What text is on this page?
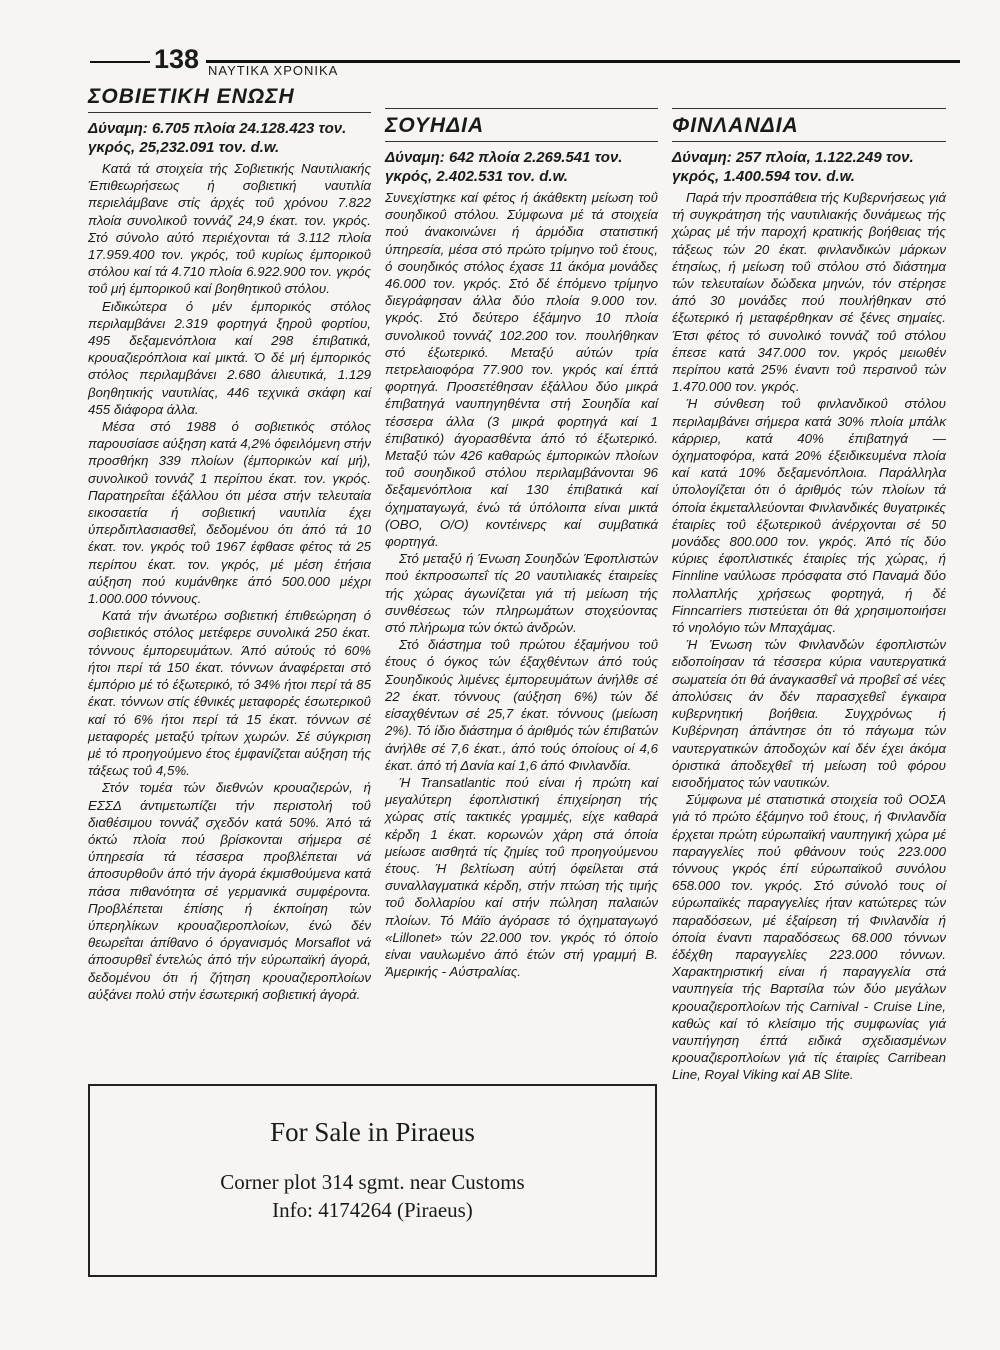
138 ΝΑΥΤΙΚΑ ΧΡΟΝΙΚΑ
ΣΟΒΙΕΤΙΚΗ ΕΝΩΣΗ
Δύναμη: 6.705 πλοία 24.128.423 τον. γκρός, 25,232.091 τον. d.w.

Κατά τά στοιχεία τής Σοβιετικής Ναυτιλιακής Έπιθεωρήσεως ή σοβιετική ναυτιλία περιελάμβανε στίς άρχές τοΰ χρόνου 7.822 πλοία συνολικοΰ τοννάζ 24,9 έκατ. τον. γκρός. Στό σύνολο αύτό περιέχονται τά 3.112 πλοία 17.959.400 τον. γκρός, τοΰ κυρίως έμπορικοΰ στόλου καί τά 4.710 πλοία 6.922.900 τον. γκρός τοΰ μή έμπορικοΰ καί βοηθητικοΰ στόλου.

Ειδικώτερα ό μέν έμπορικός στόλος περιλαμβάνει 2.319 φορτηγά ξηροΰ φορτίου, 495 δεξαμενόπλοια καί 298 έπιβατικά, κρουαζιερόπλοια καί μικτά. Ό δέ μή έμπορικός στόλος περιλαμβάνει 2.680 άλιευτικά, 1.129 βοηθητικής ναυτιλίας, 446 τεχνικά σκάφη καί 455 διάφορα άλλα.

Μέσα στό 1988 ό σοβιετικός στόλος παρουσίασε αύξηση κατά 4,2% όφειλόμενη στήν προσθήκη 339 πλοίων (έμπορικών καί μή), συνολικοΰ τοννάζ 1 περίπου έκατ. τον. γκρός. Παρατηρεΐται έξάλλου ότι μέσα στήν τελευταία εικοσαετία ή σοβιετική ναυτιλία έχει ύπερδιπλασιασθεΐ, δεδομένου ότι άπό τά 10 έκατ. τον. γκρός τοΰ 1967 έφθασε φέτος τά 25 περίπου έκατ. τον. γκρός, μέ μέση έτήσια αύξηση πού κυμάνθηκε άπό 500.000 μέχρι 1.000.000 τόννους.

Κατά τήν άνωτέρω σοβιετική έπιθεώρηση ό σοβιετικός στόλος μετέφερε συνολικά 250 έκατ. τόννους έμπορευμάτων. Άπό αύτούς τό 60% ήτοι περί τά 150 έκατ. τόννων άναφέρεται στό έμπόριο μέ τό έξωτερικό, τό 34% ήτοι περί τά 85 έκατ. τόννων στίς έθνικές μεταφορές έσωτερικοΰ καί τό 6% ήτοι περί τά 15 έκατ. τόννων σέ μεταφορές μεταξύ τρίτων χωρών. Σέ σύγκριση μέ τό προηγούμενο έτος έμφανίζεται αύξηση τής τάξεως τοΰ 4,5%.

Στόν τομέα τών διεθνών κρουαζιερών, ή ΕΣΣΔ άντιμετωπίζει τήν περιστολή τοΰ διαθέσιμου τοννάζ σχεδόν κατά 50%. Άπό τά όκτώ πλοία πού βρίσκονται σήμερα σέ ύπηρεσία τά τέσσερα προβλέπεται νά άποσυρθοΰν άπό τήν άγορά έκμισθούμενα κατά πάσα πιθανότητα σέ γερμανικά συμφέροντα. Προβλέπεται έπίσης ή έκποίηση τών ύπερηλίκων κρουαζιεροπλοίων, ένώ δέν θεωρεΐται άπίθανο ό όργανισμός Morsaflot νά άποσυρθεΐ έντελώς άπό τήν εύρωπαϊκή άγορά, δεδομένου ότι ή ζήτηση κρουαζιεροπλοίων αύξάνει πολύ στήν έσωτερική σοβιετική άγορά.

ΣΟΥΗΔΙΑ
Δύναμη: 642 πλοία 2.269.541 τον. γκρός, 2.402.531 τον. d.w.

Συνεχίστηκε καί φέτος ή άκάθεκτη μείωση τοΰ σουηδικοΰ στόλου. Σύμφωνα μέ τά στοιχεία πού άνακοινώνει ή άρμόδια στατιστική ύπηρεσία, μέσα στό πρώτο τρίμηνο τοΰ έτους, ό σουηδικός στόλος έχασε 11 άκόμα μονάδες 46.000 τον. γκρός. Στό δέ έπόμενο τρίμηνο διεγράφησαν άλλα δύο πλοία 9.000 τον. γκρός. Στό δεύτερο έξάμηνο 10 πλοία συνολικοΰ τοννάζ 102.200 τον. πουλήθηκαν στό έξωτερικό. Μεταξύ αύτών τρία πετρελαιοφόρα 77.900 τον. γκρός καί έπτά φορτηγά. Προσετέθησαν έξάλλου δύο μικρά έπιβατηγά ναυπηγηθέντα στή Σουηδία καί τέσσερα άλλα (3 μικρά φορτηγά καί 1 έπιβατικό) άγορασθέντα άπό τό έξωτερικό. Μεταξύ τών 426 καθαρώς έμπορικών πλοίων τοΰ σουηδικοΰ στόλου περιλαμβάνονται 96 δεξαμενόπλοια καί 130 έπιβατικά καί όχηματαγωγά, ένώ τά ύπόλοιπα είναι μικτά (ΟΒΟ, Ο/Ο) κοντέινερς καί συμβατικά φορτηγά.

Στό μεταξύ ή Ένωση Σουηδών Έφοπλιστών πού έκπροσωπεΐ τίς 20 ναυτιλιακές έταιρείες τής χώρας άγωνίζεται γιά τή μείωση τής συνθέσεως τών πληρωμάτων στοχεύοντας στό πλήρωμα τών όκτώ άνδρών.

Στό διάστημα τοΰ πρώτου έξαμήνου τοΰ έτους ό όγκος τών έξαχθέντων άπό τούς Σουηδικούς λιμένες έμπορευμάτων άνήλθε σέ 22 έκατ. τόννους (αύξηση 6%) τών δέ είσαχθέντων σέ 25,7 έκατ. τόννους (μείωση 2%). Τό ίδιο διάστημα ό άριθμός τών έπιβατών άνήλθε σέ 7,6 έκατ., άπό τούς όποίους οί 4,6 έκατ. άπό τή Δανία καί 1,6 άπό Φινλανδία.

Ή Transatlantic πού είναι ή πρώτη καί μεγαλύτερη έφοπλιστική έπιχείρηση τής χώρας στίς τακτικές γραμμές, είχε καθαρά κέρδη 1 έκατ. κορωνών χάρη στά όποία μείωσε αισθητά τίς ζημίες τοΰ προηγούμενου έτους. Ή βελτίωση αύτή όφείλεται στά συναλλαγματικά κέρδη, στήν πτώση τής τιμής τοΰ δολλαρίου καί στήν πώληση παλαιών πλοίων. Τό Μάϊο άγόρασε τό όχηματαγωγό «Lillonet» τών 22.000 τον. γκρός τό όποίο είναι ναυλωμένο άπό έτών στή γραμμή Β. Άμερικής - Αύστραλίας.

ΦΙΝΛΑΝΔΙΑ
Δύναμη: 257 πλοία, 1.122.249 τον. γκρός, 1.400.594 τον. d.w.

Παρά τήν προσπάθεια τής Κυβερνήσεως γιά τή συγκράτηση τής ναυτιλιακής δυνάμεως τής χώρας μέ τήν παροχή κρατικής βοήθειας τής τάξεως τών 20 έκατ. φινλανδικών μάρκων έτησίως, ή μείωση τοΰ στόλου στό διάστημα τών τελευταίων δώδεκα μηνών, τόν στέρησε άπό 30 μονάδες πού πουλήθηκαν στό έξωτερικό ή μεταφέρθηκαν σέ ξένες σημαίες. Έτσι φέτος τό συνολικό τοννάζ τοΰ στόλου έπεσε κατά 347.000 τον. γκρός μειωθέν περίπου κατά 25% έναντι τοΰ περσινοΰ τών 1.470.000 τον. γκρός.

Ή σύνθεση τοΰ φινλανδικοΰ στόλου περιλαμβάνει σήμερα κατά 30% πλοία μπάλκ κάρριερ, κατά 40% έπιβατηγά — όχηματοφόρα, κατά 20% έξειδικευμένα πλοία καί κατά 10% δεξαμενόπλοια. Παράλληλα ύπολογίζεται ότι ό άριθμός τών πλοίων τά όποία έκμεταλλεύονται Φινλανδικές θυγατρικές έταιρίες τοΰ έξωτερικοΰ άνέρχονται σέ 50 μονάδες 800.000 τον. γκρός. Άπό τίς δύο κύριες έφοπλιστικές έταιρίες τής χώρας, ή Finnline ναύλωσε πρόσφατα στό Παναμά δύο πολλαπλής χρήσεως φορτηγά, ή δέ Finncarriers πιστεύεται ότι θά χρησιμοποιήσει τό νηολόγιο τών Μπαχάμας.

Ή Ένωση τών Φινλανδών έφοπλιστών ειδοποίησαν τά τέσσερα κύρια ναυτεργατικά σωματεία ότι θά άναγκασθεΐ νά προβεΐ σέ νέες άπολύσεις άν δέν παρασχεθεΐ έγκαιρα κυβερνητική βοήθεια. Συγχρόνως ή Κυβέρνηση άπάντησε ότι τό πάγωμα τών ναυτεργατικών άποδοχών καί δέν έχει άκόμα όριστικά άποδεχθεΐ τή μείωση τοΰ φόρου εισοδήματος τών ναυτικών.

Σύμφωνα μέ στατιστικά στοιχεία τοΰ ΟΟΣΑ γιά τό πρώτο έξάμηνο τοΰ έτους, ή Φινλανδία έρχεται πρώτη εύρωπαϊκή ναυπηγική χώρα μέ παραγγελίες πού φθάνουν τούς 223.000 τόννους γκρός έπί εύρωπαϊκοΰ συνόλου 658.000 τον. γκρός. Στό σύνολό τους οί εύρωπαϊκές παραγγελίες ήταν κατώτερες τών παραδόσεων, μέ έξαίρεση τή Φινλανδία ή όποία έναντι παραδόσεως 68.000 τόννων έδέχθη παραγγελίες 223.000 τόννων. Χαρακτηριστική είναι ή παραγγελία στά ναυπηγεία τής Βαρτσίλα τών δύο μεγάλων κρουαζιεροπλοίων τής Carnival - Cruise Line, καθώς καί τό κλείσιμο τής συμφωνίας γιά ναυπήγηση έπτά ειδικά σχεδιασμένων κρουαζιεροπλοίων γιά τίς έταιρίες Carribean Line, Royal Viking καί AB Slite.

For Sale in Piraeus
Corner plot 314 sgmt. near Customs
Info: 4174264 (Piraeus)
